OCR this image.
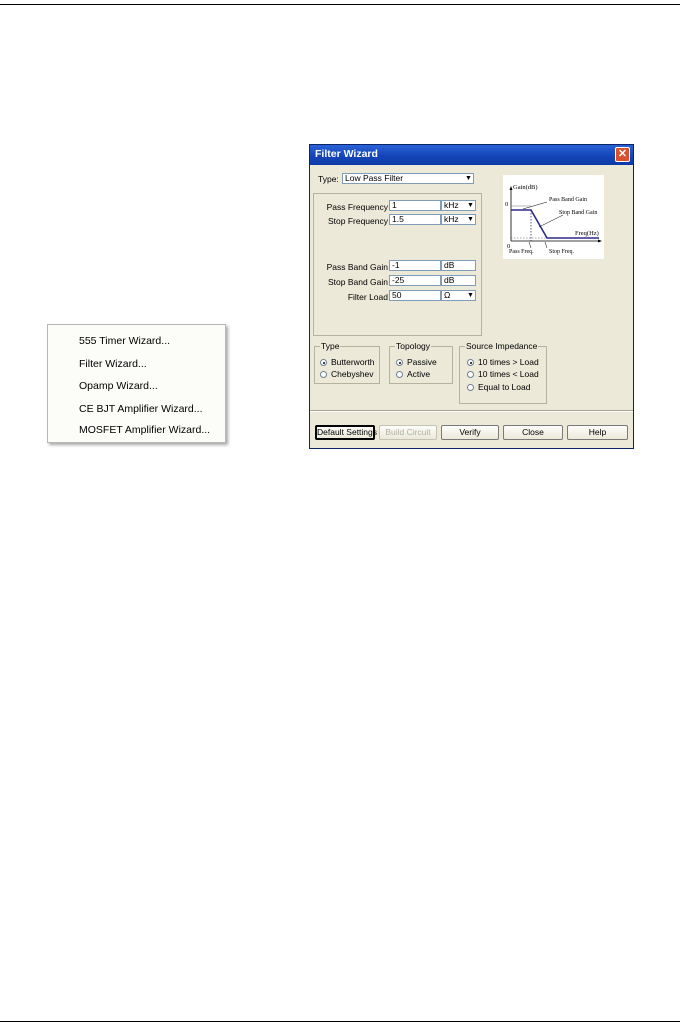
555 Timer Wizard...
Filter Wizard...
Opamp Wizard...
CE BJT Amplifier Wizard...
MOSFET Amplifier Wizard...
Filter Wizard	✕
Type: Low Pass Filter	▼
Pass Frequency 1	kHz ▼
Stop Frequency 1.5	kHz ▼
Pass Band Gain -1	dB
Stop Band Gain -25	dB
Filter Load 50	Ω ▼
Gain(dB)
0
Pass Band Gain
Stop Band Gain
0
Freq(Hz)
Pass Freq.	Stop Freq.
Type
Butterworth
Chebyshev
Topology
Passive
Active
Source Impedance
10 times > Load
10 times < Load
Equal to Load
Default Settings Build Circuit	Verify	Close	Help
